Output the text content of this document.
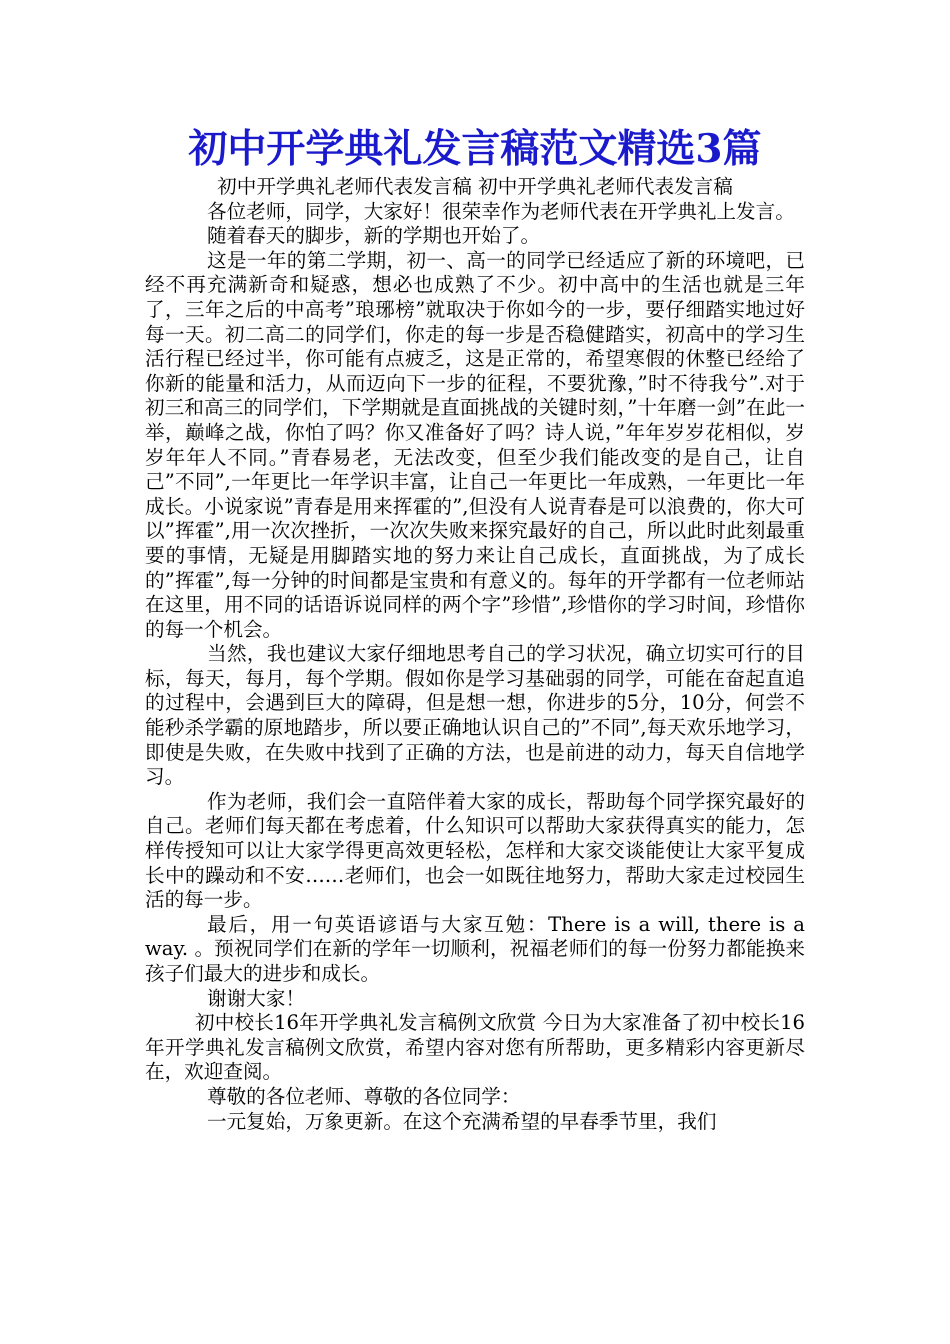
初中开学典礼发言稿范文精选3篇

初中开学典礼老师代表发言稿 初中开学典礼老师代表发言稿

各位老师，同学，大家好！很荣幸作为老师代表在开学典礼上发言。

随着春天的脚步，新的学期也开始了。

这是一年的第二学期，初一、高一的同学已经适应了新的环境吧，已经不再充满新奇和疑惑，想必也成熟了不少。初中高中的生活也就是三年了，三年之后的中高考”琅琊榜”就取决于你如今的一步，要仔细踏实地过好每一天。初二高二的同学们，你走的每一步是否稳健踏实，初高中的学习生活行程已经过半，你可能有点疲乏，这是正常的，希望寒假的休整已经给了你新的能量和活力，从而迈向下一步的征程，不要犹豫，”时不待我兮”.对于初三和高三的同学们，下学期就是直面挑战的关键时刻，”十年磨一剑”在此一举，巅峰之战，你怕了吗？你又准备好了吗？诗人说，”年年岁岁花相似，岁岁年年人不同。”青春易老，无法改变，但至少我们能改变的是自己，让自己”不同”,一年更比一年学识丰富，让自己一年更比一年成熟，一年更比一年成长。小说家说”青春是用来挥霍的”,但没有人说青春是可以浪费的，你大可以”挥霍”,用一次次挫折，一次次失败来探究最好的自己，所以此时此刻最重要的事情，无疑是用脚踏实地的努力来让自己成长，直面挑战，为了成长的”挥霍”,每一分钟的时间都是宝贵和有意义的。每年的开学都有一位老师站在这里，用不同的话语诉说同样的两个字”珍惜”,珍惜你的学习时间，珍惜你的每一个机会。

当然，我也建议大家仔细地思考自己的学习状况，确立切实可行的目标，每天，每月，每个学期。假如你是学习基础弱的同学，可能在奋起直追的过程中，会遇到巨大的障碍，但是想一想，你进步的5分，10分，何尝不能秒杀学霸的原地踏步，所以要正确地认识自己的”不同”,每天欢乐地学习，即使是失败，在失败中找到了正确的方法，也是前进的动力，每天自信地学习。

作为老师，我们会一直陪伴着大家的成长，帮助每个同学探究最好的自己。老师们每天都在考虑着，什么知识可以帮助大家获得真实的能力，怎样传授知可以让大家学得更高效更轻松，怎样和大家交谈能使让大家平复成长中的躁动和不安……老师们，也会一如既往地努力，帮助大家走过校园生活的每一步。

最后，用一句英语谚语与大家互勉：There is a will, there is a way. 。预祝同学们在新的学年一切顺利，祝福老师们的每一份努力都能换来孩子们最大的进步和成长。

谢谢大家！

初中校长16年开学典礼发言稿例文欣赏 今日为大家准备了初中校长16年开学典礼发言稿例文欣赏，希望内容对您有所帮助，更多精彩内容更新尽在，欢迎查阅。

尊敬的各位老师、尊敬的各位同学：

一元复始，万象更新。在这个充满希望的早春季节里，我们
